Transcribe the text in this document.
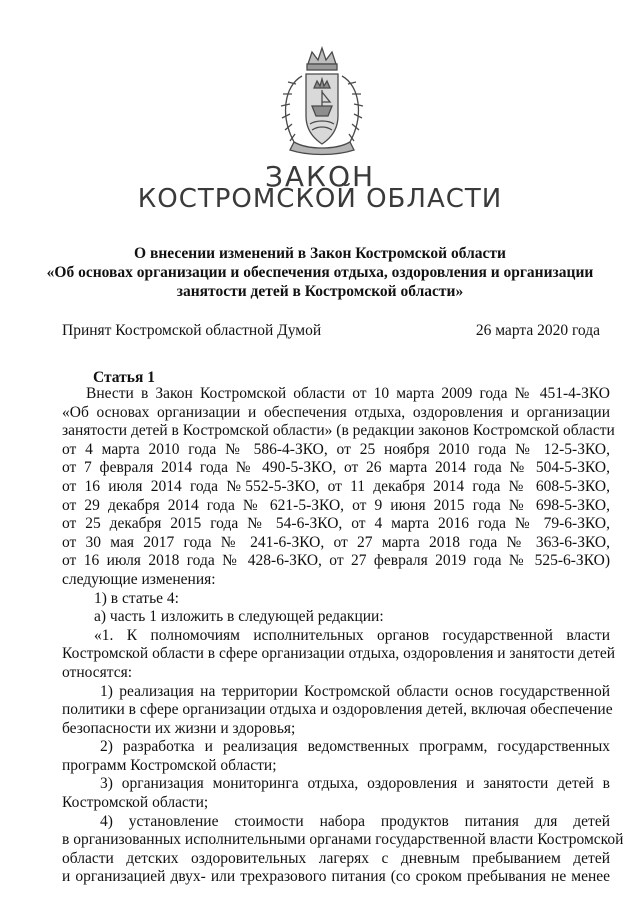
ЗАКОН
КОСТРОМСКОЙ ОБЛАСТИ
О внесении изменений в Закон Костромской области
«Об основах организации и обеспечения отдыха, оздоровления и организации
занятости детей в Костромской области»
Принят Костромской областной Думой	26 марта 2020 года
Статья 1
Внести в Закон Костромской области от 10 марта 2009 года № 451-4-ЗКО
«Об основах организации и обеспечения отдыха, оздоровления и организации
занятости детей в Костромской области» (в редакции законов Костромской области
от 4 марта 2010 года № 586-4-ЗКО, от 25 ноября 2010 года № 12-5-ЗКО,
от 7 февраля 2014 года № 490-5-ЗКО, от 26 марта 2014 года № 504-5-ЗКО,
от 16 июля 2014 года №552-5-ЗКО, от 11 декабря 2014 года № 608-5-ЗКО,
от 29 декабря 2014 года № 621-5-ЗКО, от 9 июня 2015 года № 698-5-ЗКО,
от 25 декабря 2015 года № 54-6-ЗКО, от 4 марта 2016 года № 79-6-ЗКО,
от 30 мая 2017 года № 241-6-ЗКО, от 27 марта 2018 года № 363-6-ЗКО,
от 16 июля 2018 года № 428-6-ЗКО, от 27 февраля 2019 года № 525-6-ЗКО)
следующие изменения:
1) в статье 4:
а) часть 1 изложить в следующей редакции:
«1. К полномочиям исполнительных органов государственной власти
Костромской области в сфере организации отдыха, оздоровления и занятости детей
относятся:
1) реализация на территории Костромской области основ государственной
политики в сфере организации отдыха и оздоровления детей, включая обеспечение
безопасности их жизни и здоровья;
2) разработка и реализация ведомственных программ, государственных
программ Костромской области;
3) организация мониторинга отдыха, оздоровления и занятости детей в
Костромской области;
4) установление стоимости набора продуктов питания для детей
в организованных исполнительными органами государственной власти Костромской
области детских оздоровительных лагерях с дневным пребыванием детей
и организацией двух- или трехразового питания (со сроком пребывания не менее
